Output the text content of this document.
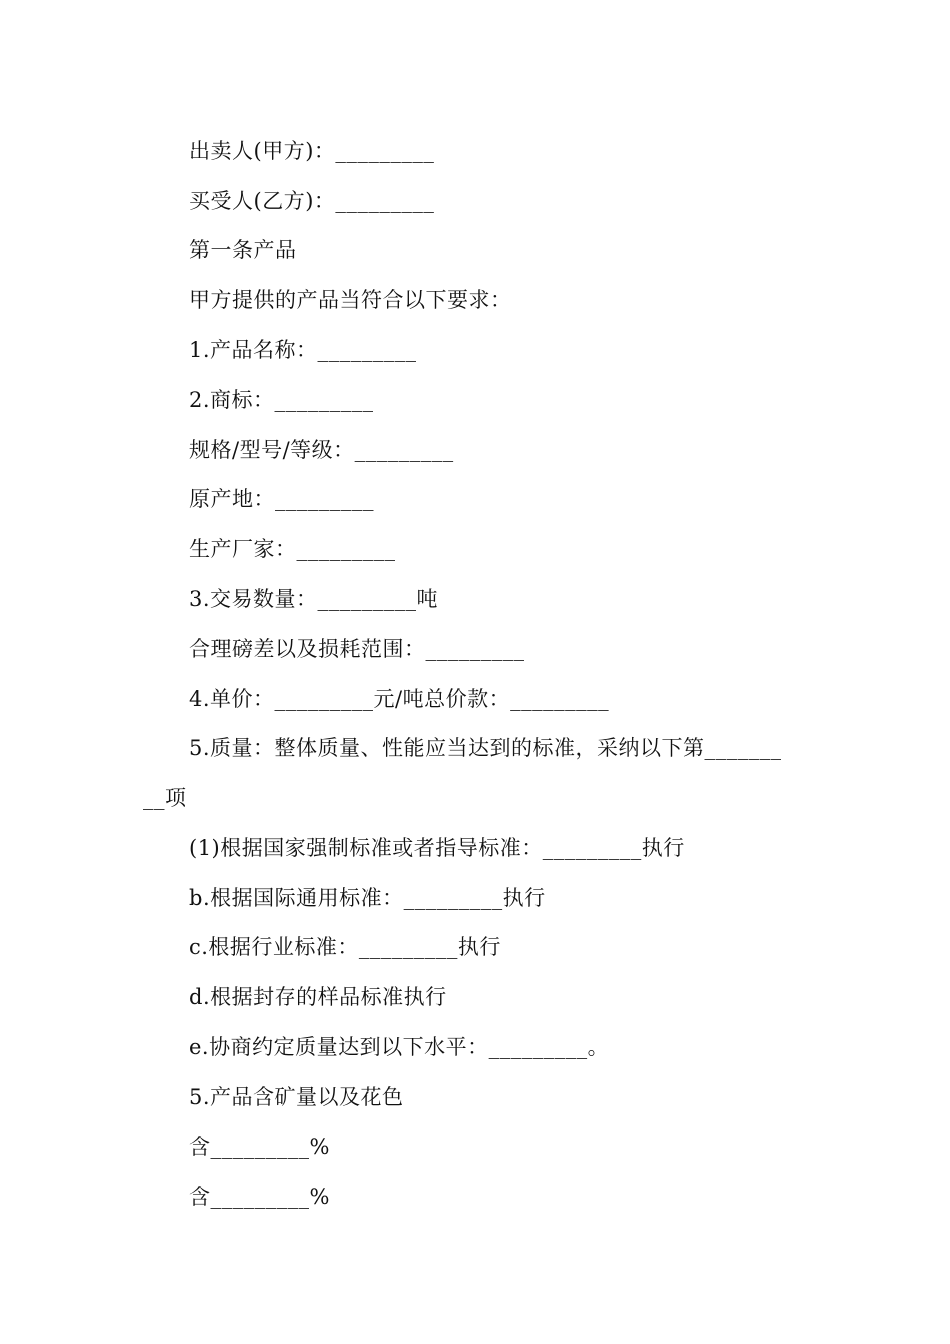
出卖人(甲方)：_________
买受人(乙方)：_________
第一条产品
甲方提供的产品当符合以下要求：
1.产品名称：_________
2.商标：_________
规格/型号/等级：_________
原产地：_________
生产厂家：_________
3.交易数量：_________吨
合理磅差以及损耗范围：_________
4.单价：_________元/吨总价款：_________
5.质量：整体质量、性能应当达到的标准，采纳以下第_______
__项
(1)根据国家强制标准或者指导标准：_________执行
b.根据国际通用标准：_________执行
c.根据行业标准：_________执行
d.根据封存的样品标准执行
e.协商约定质量达到以下水平：_________。
5.产品含矿量以及花色
含_________%
含_________%
